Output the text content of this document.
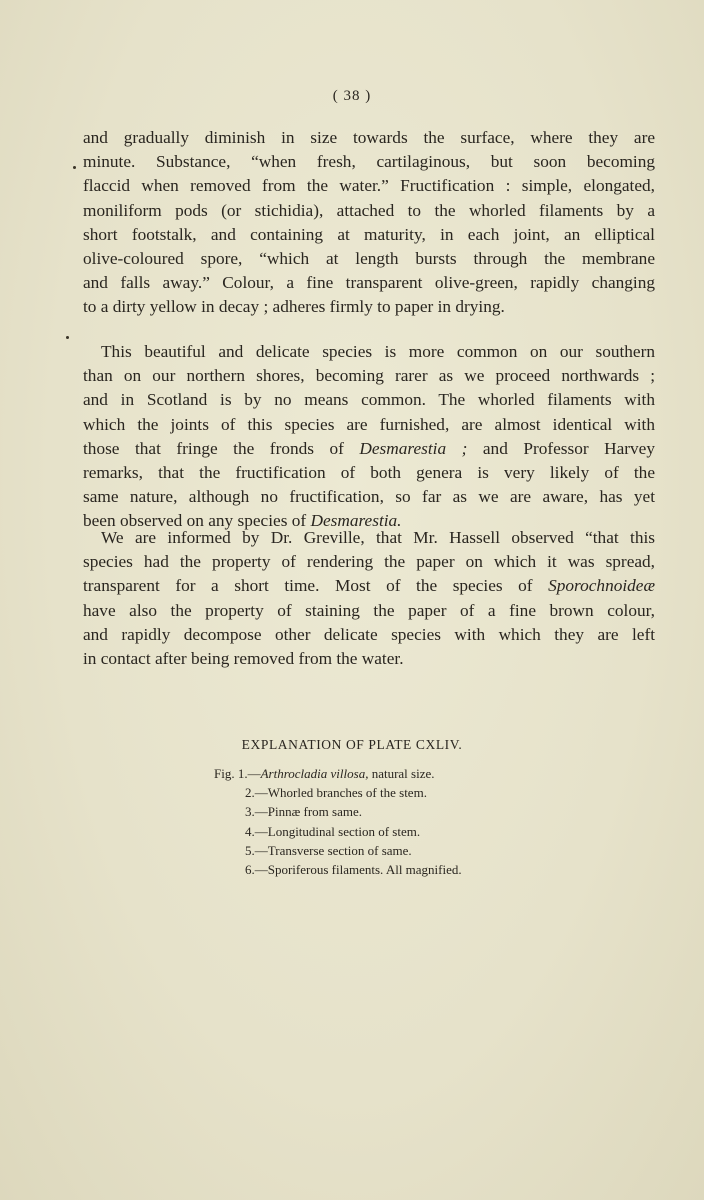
( 38 )
and gradually diminish in size towards the surface, where they are
minute. Substance, “when fresh, cartilaginous, but soon becoming
flaccid when removed from the water.” Fructification : simple, elongated,
moniliform pods (or stichidia), attached to the whorled filaments by a
short footstalk, and containing at maturity, in each joint, an elliptical
olive-coloured spore, “which at length bursts through the membrane
and falls away.” Colour, a fine transparent olive-green, rapidly changing
to a dirty yellow in decay ; adheres firmly to paper in drying.
This beautiful and delicate species is more common on our southern
than on our northern shores, becoming rarer as we proceed northwards ;
and in Scotland is by no means common. The whorled filaments with
which the joints of this species are furnished, are almost identical with
those that fringe the fronds of Desmarestia ; and Professor Harvey
remarks, that the fructification of both genera is very likely of the
same nature, although no fructification, so far as we are aware, has yet
been observed on any species of Desmarestia.
We are informed by Dr. Greville, that Mr. Hassell observed “that this
species had the property of rendering the paper on which it was spread,
transparent for a short time. Most of the species of Sporochnoideæ
have also the property of staining the paper of a fine brown colour,
and rapidly decompose other delicate species with which they are left
in contact after being removed from the water.
EXPLANATION OF PLATE CXLIV.
Fig. 1.—Arthrocladia villosa, natural size.
2.—Whorled branches of the stem.
3.—Pinnæ from same.
4.—Longitudinal section of stem.
5.—Transverse section of same.
6.—Sporiferous filaments. All magnified.
